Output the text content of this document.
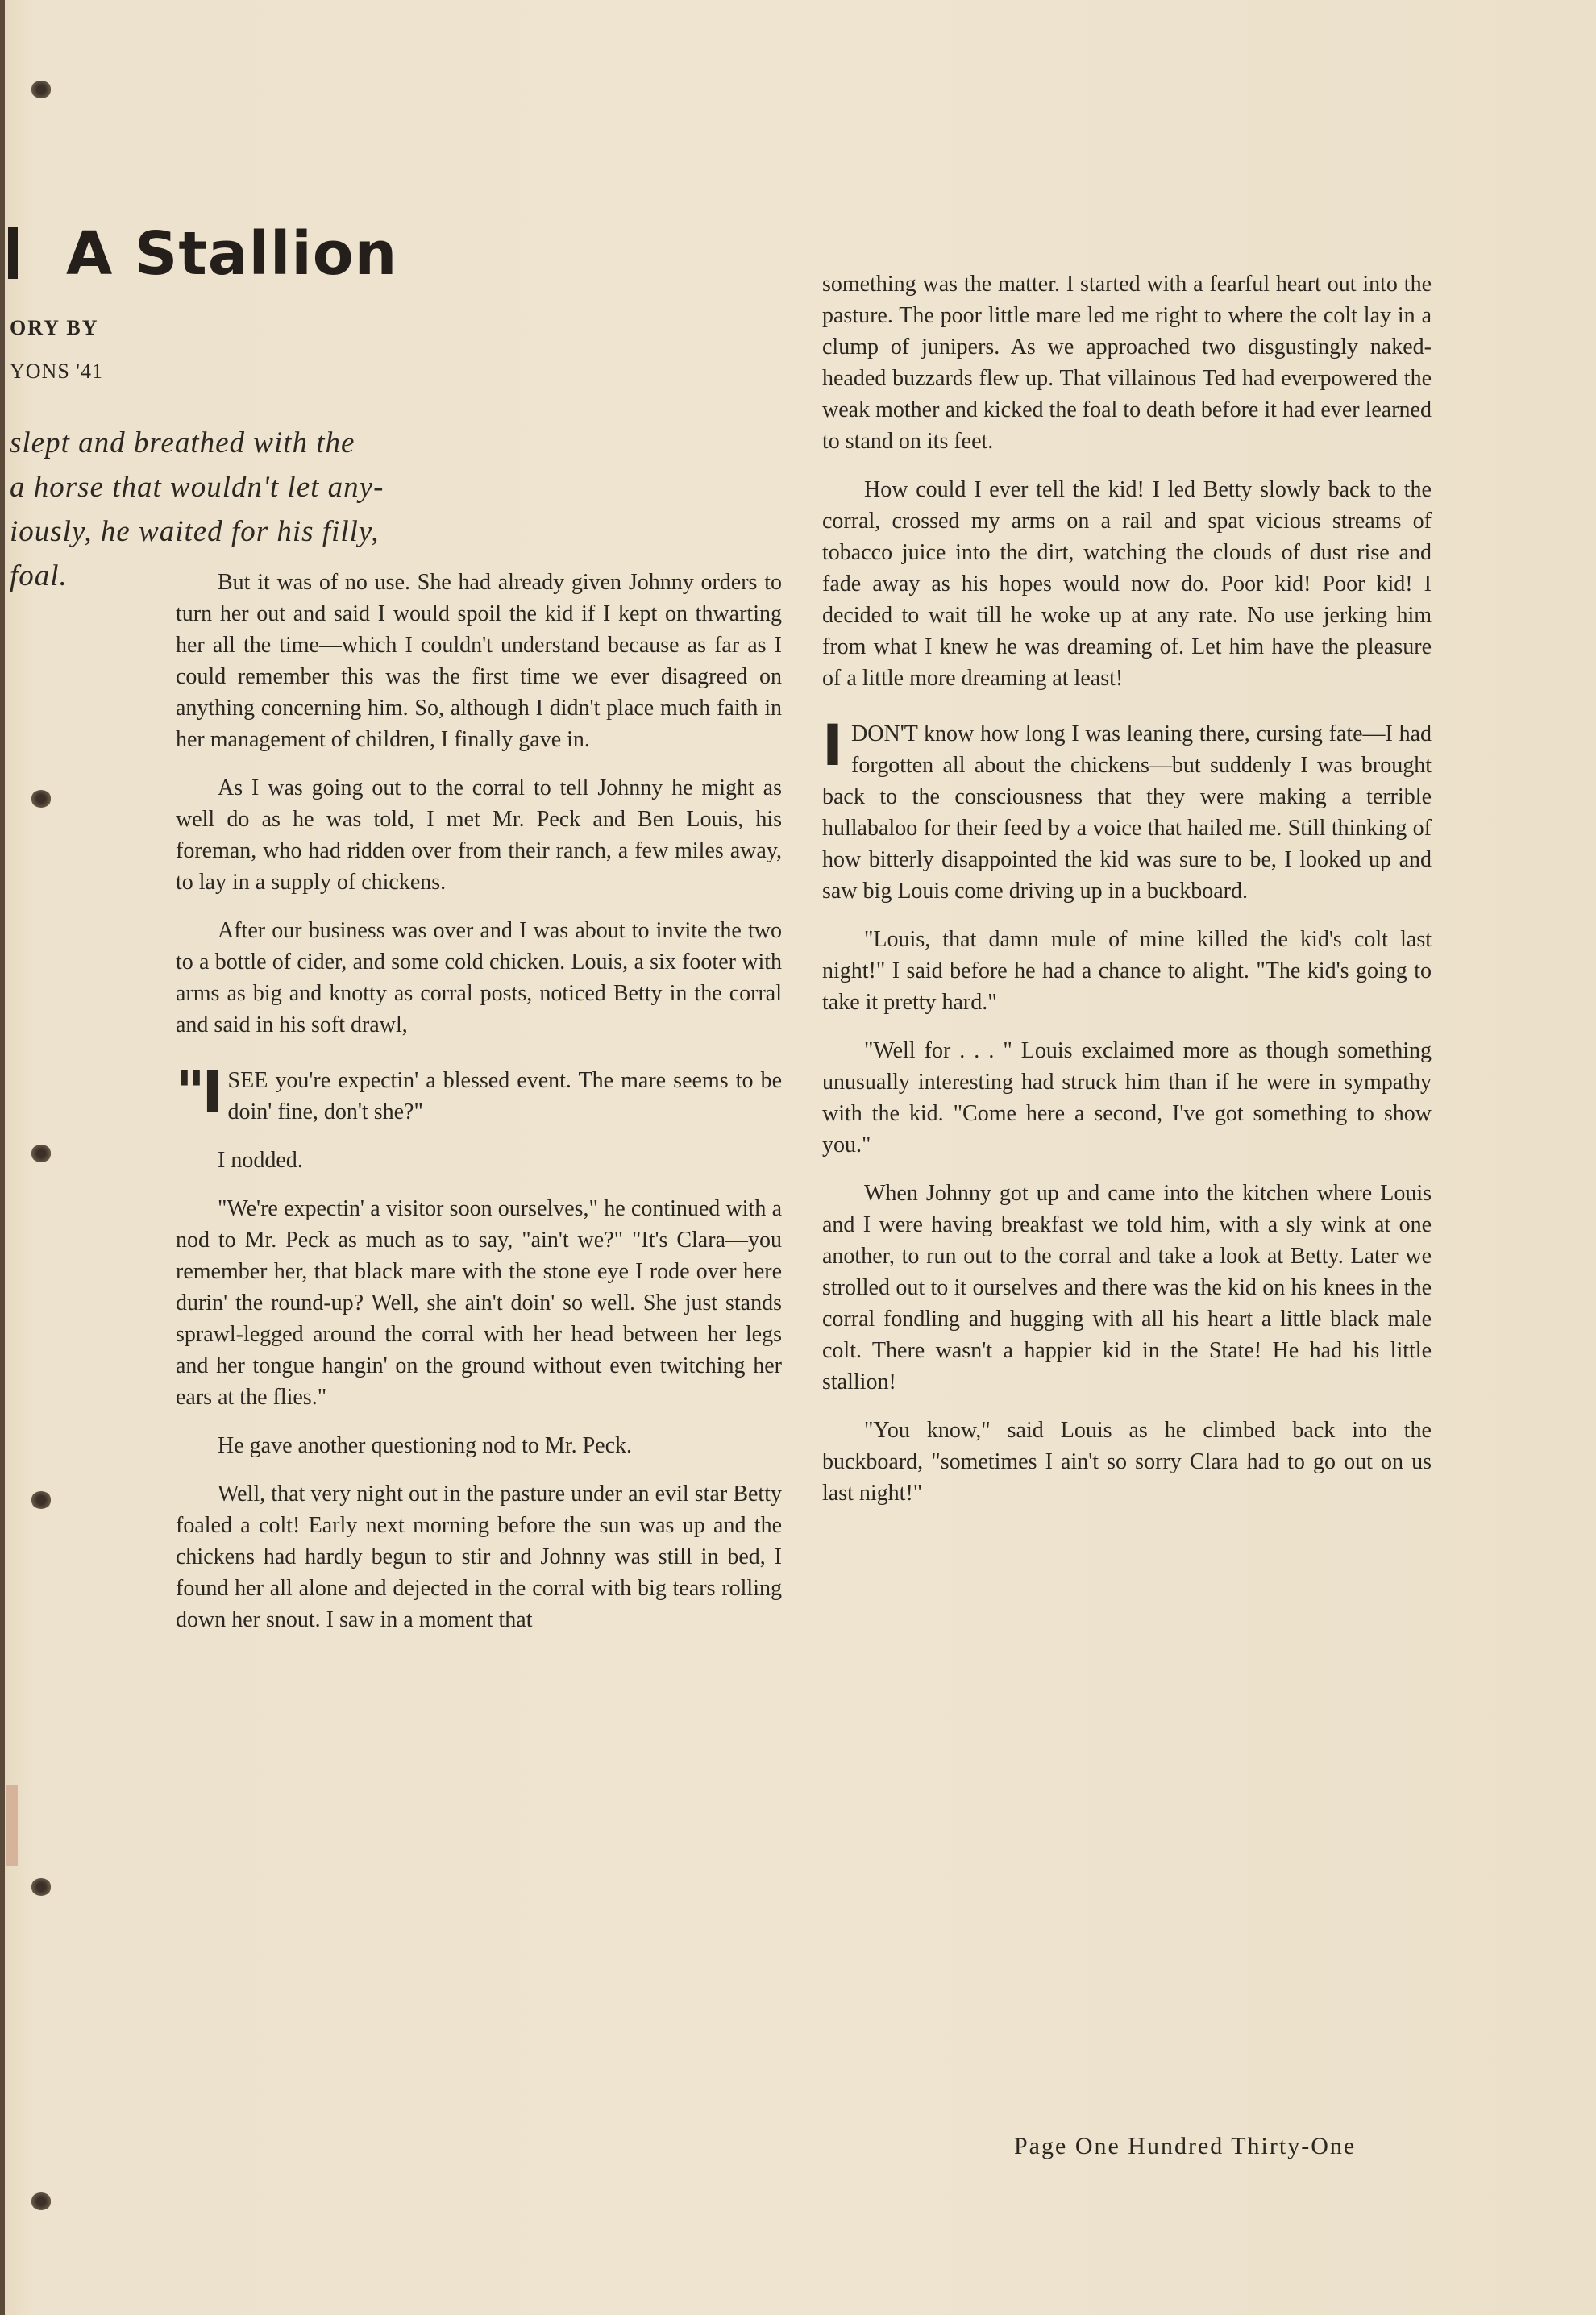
A Stallion
ORY BY
YONS '41

slept and breathed with the

a horse that wouldn't let any-

iously, he waited for his filly,

foal.	But it was of no use. She had already given Johnny orders to turn her out and said I would spoil the kid if I kept on thwarting her all the time—which I couldn't understand because as far as I could remember this was the first time we ever disagreed on anything concerning him. So, although I didn't place much faith in her management of children, I finally gave in.

As I was going out to the corral to tell Johnny he might as well do as he was told, I met Mr. Peck and Ben Louis, his foreman, who had ridden over from their ranch, a few miles away, to lay in a supply of chickens.

After our business was over and I was about to invite the two to a bottle of cider, and some cold chicken. Louis, a six footer with arms as big and knotty as corral posts, noticed Betty in the corral and said in his soft drawl,

"ISEE you're expectin' a blessed event. The mare seems to be doin' fine, don't she?"

I nodded.

"We're expectin' a visitor soon ourselves," he continued with a nod to Mr. Peck as much as to say, "ain't we?" "It's Clara—you remember her, that black mare with the stone eye I rode over here durin' the round-up? Well, she ain't doin' so well. She just stands sprawl-legged around the corral with her head between her legs and her tongue hangin' on the ground without even twitching her ears at the flies."

He gave another questioning nod to Mr. Peck.

Well, that very night out in the pasture under an evil star Betty foaled a colt! Early next morning before the sun was up and the chickens had hardly begun to stir and Johnny was still in bed, I found her all alone and dejected in the corral with big tears rolling down her snout. I saw in a moment that

something was the matter. I started with a fearful heart out into the pasture. The poor little mare led me right to where the colt lay in a clump of junipers. As we approached two disgustingly naked-headed buzzards flew up. That villainous Ted had everpowered the weak mother and kicked the foal to death before it had ever learned to stand on its feet.

How could I ever tell the kid! I led Betty slowly back to the corral, crossed my arms on a rail and spat vicious streams of tobacco juice into the dirt, watching the clouds of dust rise and fade away as his hopes would now do. Poor kid! Poor kid! I decided to wait till he woke up at any rate. No use jerking him from what I knew he was dreaming of. Let him have the pleasure of a little more dreaming at least!

IDON'T know how long I was leaning there, cursing fate—I had forgotten all about the chickens—but suddenly I was brought back to the consciousness that they were making a terrible hullabaloo for their feed by a voice that hailed me. Still thinking of how bitterly disappointed the kid was sure to be, I looked up and saw big Louis come driving up in a buckboard.

"Louis, that damn mule of mine killed the kid's colt last night!" I said before he had a chance to alight. "The kid's going to take it pretty hard."

"Well for . . . " Louis exclaimed more as though something unusually interesting had struck him than if he were in sympathy with the kid. "Come here a second, I've got something to show you."

When Johnny got up and came into the kitchen where Louis and I were having breakfast we told him, with a sly wink at one another, to run out to the corral and take a look at Betty. Later we strolled out to it ourselves and there was the kid on his knees in the corral fondling and hugging with all his heart a little black male colt. There wasn't a happier kid in the State! He had his little stallion!

"You know," said Louis as he climbed back into the buckboard, "sometimes I ain't so sorry Clara had to go out on us last night!"

Page One Hundred Thirty-One
